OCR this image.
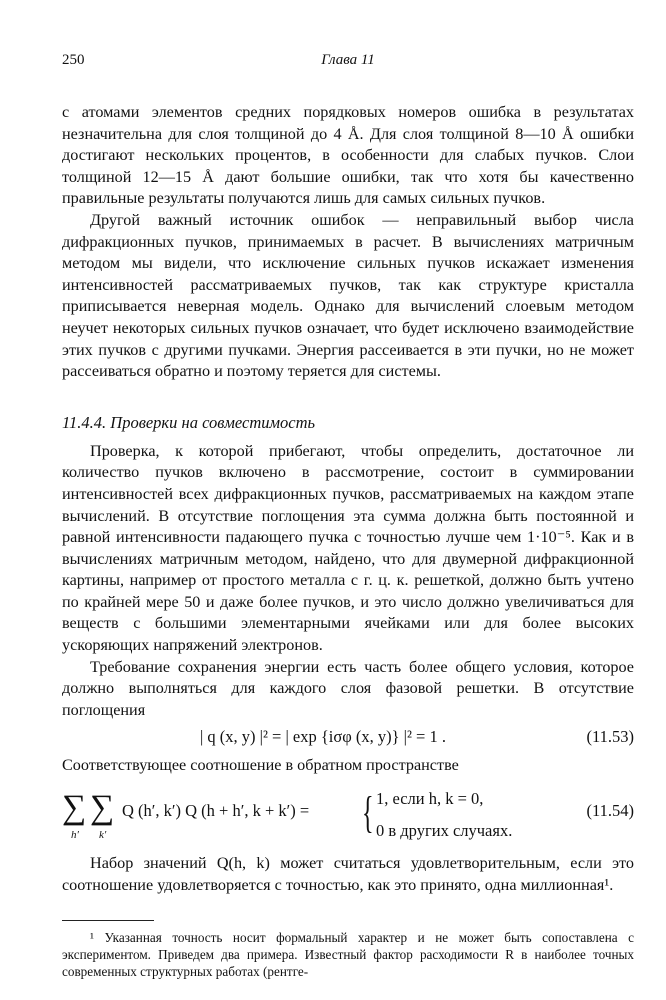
250	Глава 11

с атомами элементов средних порядковых номеров ошибка в результатах незначительна для слоя толщиной до 4 Å. Для слоя толщиной 8—10 Å ошибки достигают нескольких процентов, в особенности для слабых пучков. Слои толщиной 12—15 Å дают большие ошибки, так что хотя бы качественно правильные результаты получаются лишь для самых сильных пучков.

Другой важный источник ошибок — неправильный выбор числа дифракционных пучков, принимаемых в расчет. В вычислениях матричным методом мы видели, что исключение сильных пучков искажает изменения интенсивностей рассматриваемых пучков, так как структуре кристалла приписывается неверная модель. Однако для вычислений слоевым методом неучет некоторых сильных пучков означает, что будет исключено взаимодействие этих пучков с другими пучками. Энергия рассеивается в эти пучки, но не может рассеиваться обратно и поэтому теряется для системы.

11.4.4. Проверки на совместимость

Проверка, к которой прибегают, чтобы определить, достаточное ли количество пучков включено в рассмотрение, состоит в суммировании интенсивностей всех дифракционных пучков, рассматриваемых на каждом этапе вычислений. В отсутствие поглощения эта сумма должна быть постоянной и равной интенсивности падающего пучка с точностью лучше чем 1·10⁻⁵. Как и в вычислениях матричным методом, найдено, что для двумерной дифракционной картины, например от простого металла с г. ц. к. решеткой, должно быть учтено по крайней мере 50 и даже более пучков, и это число должно увеличиваться для веществ с большими элементарными ячейками или для более высоких ускоряющих напряжений электронов.

Требование сохранения энергии есть часть более общего условия, которое должно выполняться для каждого слоя фазовой решетки. В отсутствие поглощения

| q (x, y) |² = | exp {iσφ (x, y)} |² = 1 .	(11.53)

Соответствующее соотношение в обратном пространстве

∑
h′
∑
k′
Q (h′, k′) Q (h + h′, k + k′) = { 1, если h, k = 0,
0 в других случаях.
(11.54)

Набор значений Q(h, k) может считаться удовлетворительным, если это соотношение удовлетворяется с точностью, как это принято, одна миллионная¹.

¹ Указанная точность носит формальный характер и не может быть сопоставлена с экспериментом. Приведем два примера. Известный фактор расходимости R в наиболее точных современных структурных работах (рентге-
